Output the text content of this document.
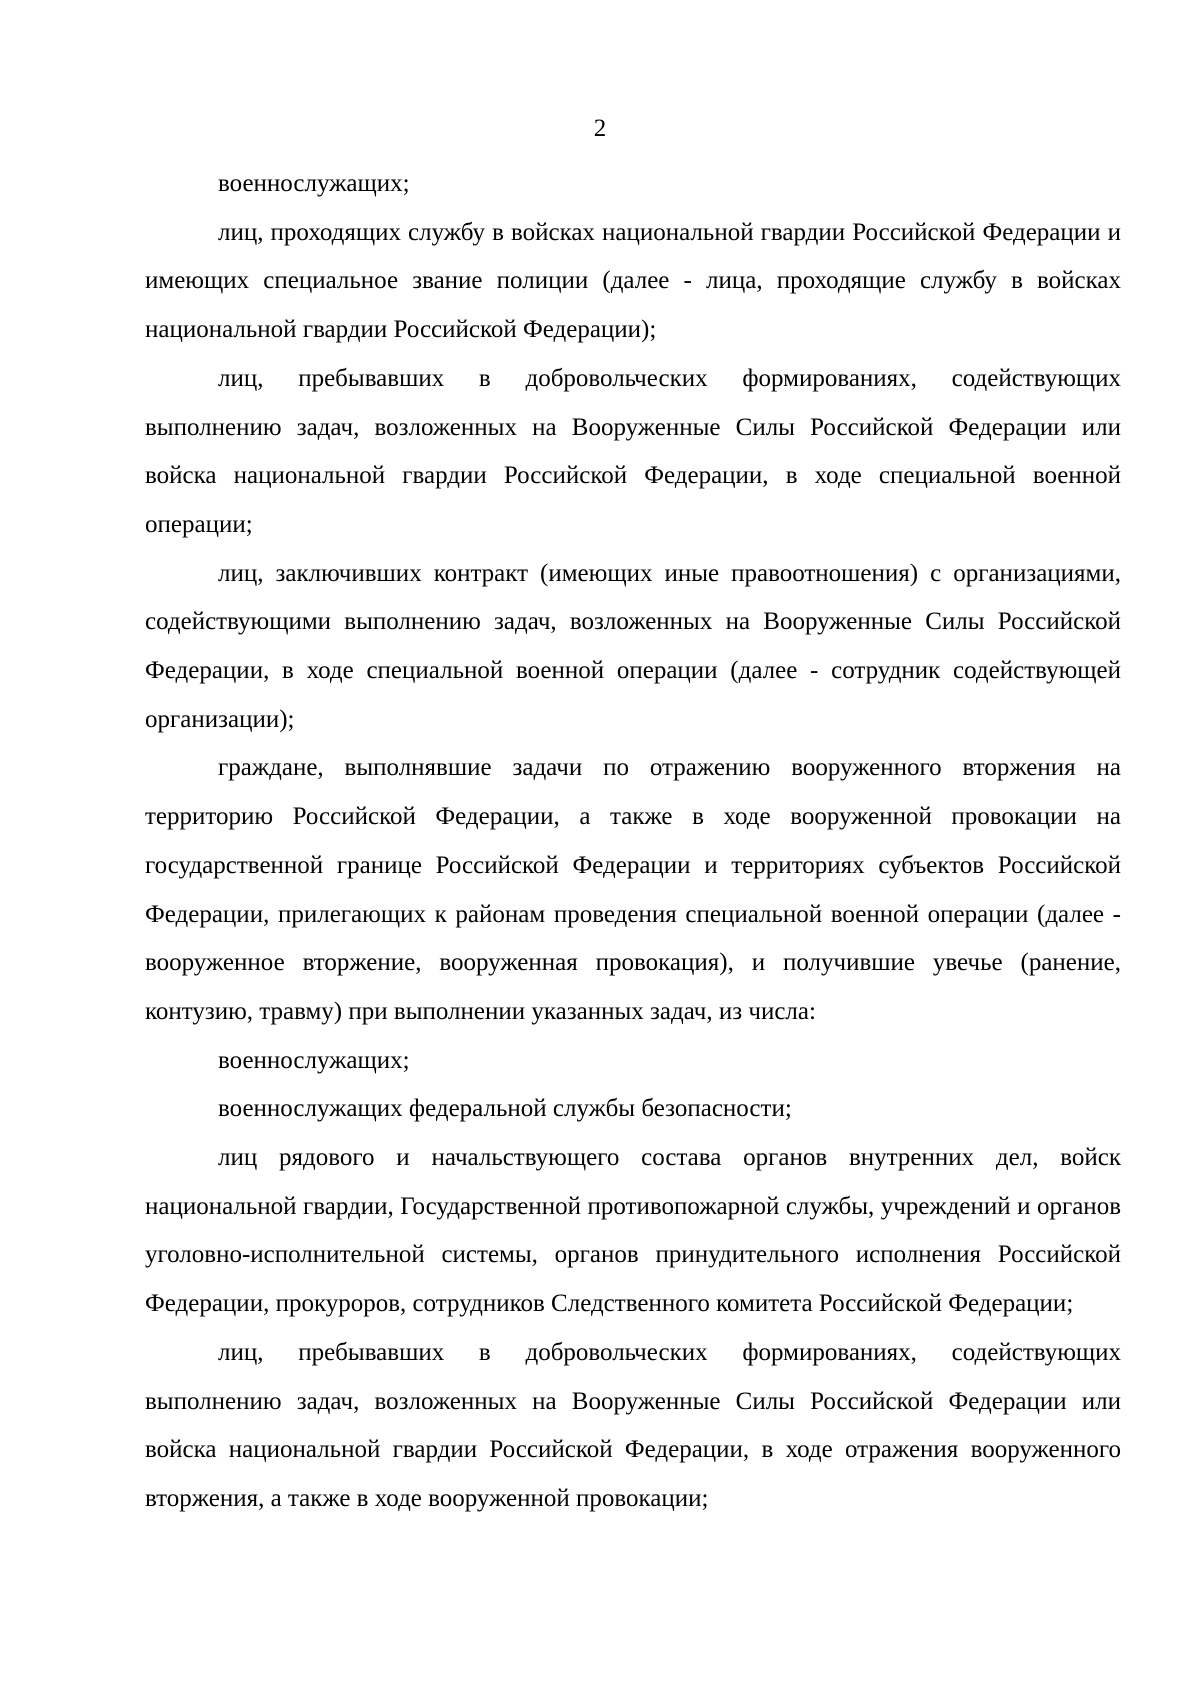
2

военнослужащих;

лиц, проходящих службу в войсках национальной гвардии Российской Федерации и имеющих специальное звание полиции (далее - лица, проходящие службу в войсках национальной гвардии Российской Федерации);

лиц, пребывавших в добровольческих формированиях, содействующих выполнению задач, возложенных на Вооруженные Силы Российской Федерации или войска национальной гвардии Российской Федерации, в ходе специальной военной операции;

лиц, заключивших контракт (имеющих иные правоотношения) с организациями, содействующими выполнению задач, возложенных на Вооруженные Силы Российской Федерации, в ходе специальной военной операции (далее - сотрудник содействующей организации);

граждане, выполнявшие задачи по отражению вооруженного вторжения на территорию Российской Федерации, а также в ходе вооруженной провокации на государственной границе Российской Федерации и территориях субъектов Российской Федерации, прилегающих к районам проведения специальной военной операции (далее - вооруженное вторжение, вооруженная провокация), и получившие увечье (ранение, контузию, травму) при выполнении указанных задач, из числа:

военнослужащих;

военнослужащих федеральной службы безопасности;

лиц рядового и начальствующего состава органов внутренних дел, войск национальной гвардии, Государственной противопожарной службы, учреждений и органов уголовно-исполнительной системы, органов принудительного исполнения Российской Федерации, прокуроров, сотрудников Следственного комитета Российской Федерации;

лиц, пребывавших в добровольческих формированиях, содействующих выполнению задач, возложенных на Вооруженные Силы Российской Федерации или войска национальной гвардии Российской Федерации, в ходе отражения вооруженного вторжения, а также в ходе вооруженной провокации;
